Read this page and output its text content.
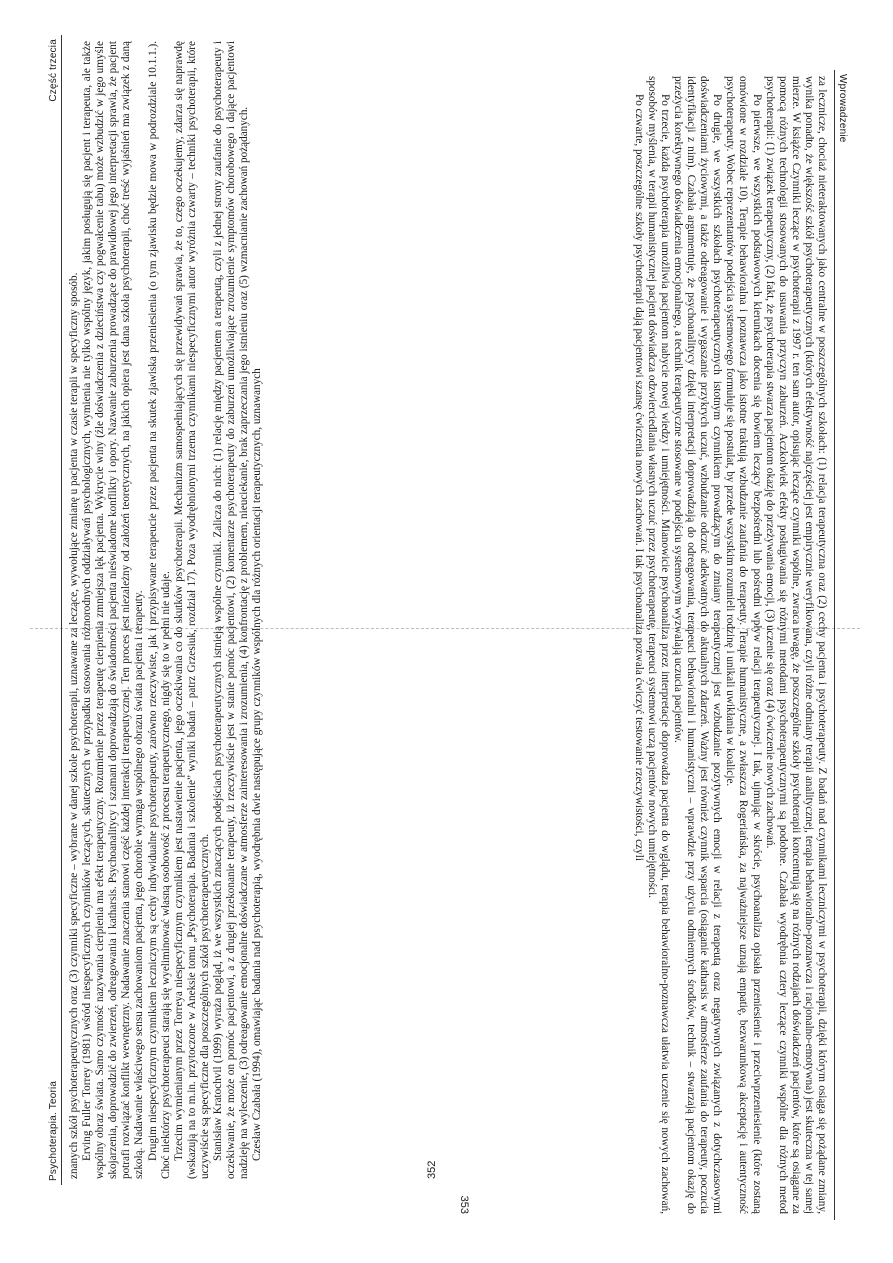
Psychoterapia. Teoria
Część trzecia

znanych szkół psychoterapeutycznych oraz (3) czynniki specyficzne – wybrane w danej szkole psychoterapii, uznawane za leczące, wywołujące zmianę u pacjenta w czasie terapii w specyficzny sposób. Erving Fuller Torrey (1981) wśród niespecyficznych czynników leczących, skutecznych w przypadku stosowania różnorodnych oddziaływań psychologicznych, wymienia nie tylko wspólny język, jakim posługują się pacjent i terapeuta, ale także wspólny obraz świata. Samo czynność nazywania cierpienia ma efekt terapeutyczny. Rozumienie przez terapeutę cierpienia zmniejsza lęk pacjenta. Wykrycie winy (źle doświadczenia z dzieciństwa czy pogwałcenie tabu) może wzbudzić w jego umyśle skojarzenia, doprowadzić do zwierzeń, odreagowania i katharsis. Psychoanalitycy i szamani doprowadzają do świadomości pacjenta nieświadome konflikty i opory. Nazwanie zaburzenia prowadzące do prawidłowej jego interpretacji sprawia, że pacjent potrafi rozwiązać konflikt wewnętrzny. Nadawanie znaczenia stanowi część każdej interakcji terapeutycznej. Ten proces jest niezależny od założeń teoretycznych, na jakich opiera jest dana szkoła psychoterapii, choć treść wyjaśnień ma związek z daną szkołą. Nadawanie właściwego sensu zachowaniom pacjenta, jego chorobie wymaga wspólnego obrazu świata pacjenta i terapeuty. Drugim niespecyficznym czynnikiem leczniczym są cechy indywidualne psychoterapeuty, zarówno rzeczywiste, jak i przypisywane terapeucie przez pacjenta na skutek zjawiska przeniesienia (o tym zjawisku będzie mowa w podrozdziale 10.1.1.). Choć niektórzy psychoterapeuci starają się wyeliminować własną osobowość z procesu terapeutycznego, nigdy się to w pełni nie udaje. Trzecim wymienianym przez Torreya niespecyficznym czynnikiem jest nastawienie pacjenta, jego oczekiwania co do skutków psychoterapii. Mechanizm samospełniających się przewidywań sprawia, że to, czego oczekujemy, zdarza się naprawdę (wskazują na to m.in. przytoczone w Aneksie tomu „Psychoterapia. Badania i szkolenie” wyniki badań – patrz Grzesiuk, rozdział 17). Poza wyodrębnionymi trzema czynnikami niespecyficznymi autor wyróżnia czwarty – techniki psychoterapii, które uczywiście są specyficzne dla poszczególnych szkół psychoterapeutycznych. Stanisław Kratochvil (1999) wyraża pogląd, iż we wszystkich znaczących podejściach psychoterapeutycznych istnieją wspólne czynniki. Zalicza do nich: (1) relację między pacjentem a terapeutą, czyli z jednej strony zaufanie do psychoterapeuty i oczekiwanie, że może on pomóc pacjentowi, a z drugiej przekonanie terapeuty, iż rzeczywiście jest w stanie pomóc pacjentowi, (2) komentarze psychoterapeuty do zaburzeń umożliwiające zrozumienie symptomów chorobowego i dające pacjentowi nadzieję na wyleczenie, (3) odreagowanie emocjonalne doświadczane w atmosferze zainteresowania i zrozumienia, (4) konfrontację z problemem, nieuciekanie, brak zaprzeczania jego istnieniu oraz (5) wzmacnianie zachowań pożądanych. Czesław Czabała (1994), omawiając badania nad psychoterapią, wyodrębnia dwie następujące grupy czynników wspólnych dla różnych orientacji terapeutycznych, uznawanych

352
Wprowadzenie

za lecznicze, chociaż nieteraktowanych jako centralne w poszczególnych szkołach: (1) relacja terapeutyczna oraz (2) cechy pacjenta i psychoterapeuty. Z badań nad czynnikami leczniczymi w psychoterapii, dzięki którym osiąga się pożądane zmiany, wynika ponadto, że większość szkół psychoterapeutycznych (których efektywność najczęściej jest empirycznie weryfikowana, czyli różne odmiany terapii analitycznej, terapia behawioralno-poznawcza i racjonalno-emotywna) jest skuteczna w tej samej mierze. W książce Czynniki leczące w psychoterapii z 1997 r. ten sam autor, opisując leczące czynniki wspólne, zwraca uwagę, że poszczególne szkoły psychoterapii koncentrują się na różnych rodzajach doświadczeń pacjentów, które są osiągane za pomocą różnych technologii stosowanych do usuwania przyczyn zaburzeń. Aczkolwiek efekty posługiwania się różnymi metodami psychoterapeutycznymi są podobne. Czabała wyodrębnia cztery leczące czynniki wspólne dla różnych metod psychoterapii: (1) związek terapeutyczny, (2) fakt, że psychoterapia stwarza pacjentom okazję do przeżywania emocji, (3) uczenie się oraz (4) ćwiczenie nowych zachowań.

Po pierwsze, we wszystkich podstawowych kierunkach docenia się bowiem leczący bezpośredni lub pośredni wpływ relacji terapeutycznej. I tak, ujmując w skrócie, psychoanaliza opisała przeniesienie i przeciwprzeniesienie (które zostaną omówione w rozdziale 10). Terapie behawioralna i poznawcza jako istotne traktują wzbudzanie zaufania do terapeuty. Terapie humanistyczne, a zwłaszcza Rogeriańska, za najważniejsze uznają empatię, bezwarunkową akceptację i autentyczność psychoterapeuty. Wobec reprezentantów podejścia systemowego formułuje się postulat, by przede wszystkim rozumieli rodzinę i unikali uwikłania w koalicje.

Po drugie, we wszystkich szkołach psychoterapeutycznych istotnym czynnikiem prowadzącym do zmiany terapeutycznej jest wzbudzanie pozytywnych emocji w relacji z terapeutą oraz negatywnych związanych z dotychczasowymi doświadczeniami życiowymi, a także odreagowanie i wygaszanie przykrych uczuć, wzbudzanie odczuć adekwatnych do aktualnych zdarzeń. Ważny jest również czynnik wsparcia (osiąganie katharsis w atmosferze zaufania do terapeuty, poczucia identyfikacji z nim). Czabała argumentuje, że psychoanalitycy dzięki interpretacji doprowadzają do odreagowania, terapeuci behawioralni i humanistyczni – wprawdzie przy użyciu odmiennych środków, technik – stwarzają pacjentom okazję do przeżycia korektywnego doświadczenia emocjonalnego, a technik terapeutyczne stosowane w podejściu systemowym wyzwalają uczucia pacjentów.

Po trzecie, każda psychoterapia umożliwia pacjentom nabycie nowej wiedzy i umiejętności. Mianowicie psychoanaliza przez interpretacje doprowadza pacjenta do wglądu, terapia behawioralno-poznawcza ułatwia uczenie się nowych zachowań, sposobów myślenia, w terapii humanistycznej pacjent doświadcza odzwierciedlania własnych uczuć przez psychoterapeutę, terapeuci systemowi uczą pacjentów nowych umiejętności.

Po czwarte, poszczególne szkoły psychoterapii dają pacjentowi szansę ćwiczenia nowych zachowań. I tak psychoanaliza pozwala ćwiczyć testowanie rzeczywistości, czyli

353
